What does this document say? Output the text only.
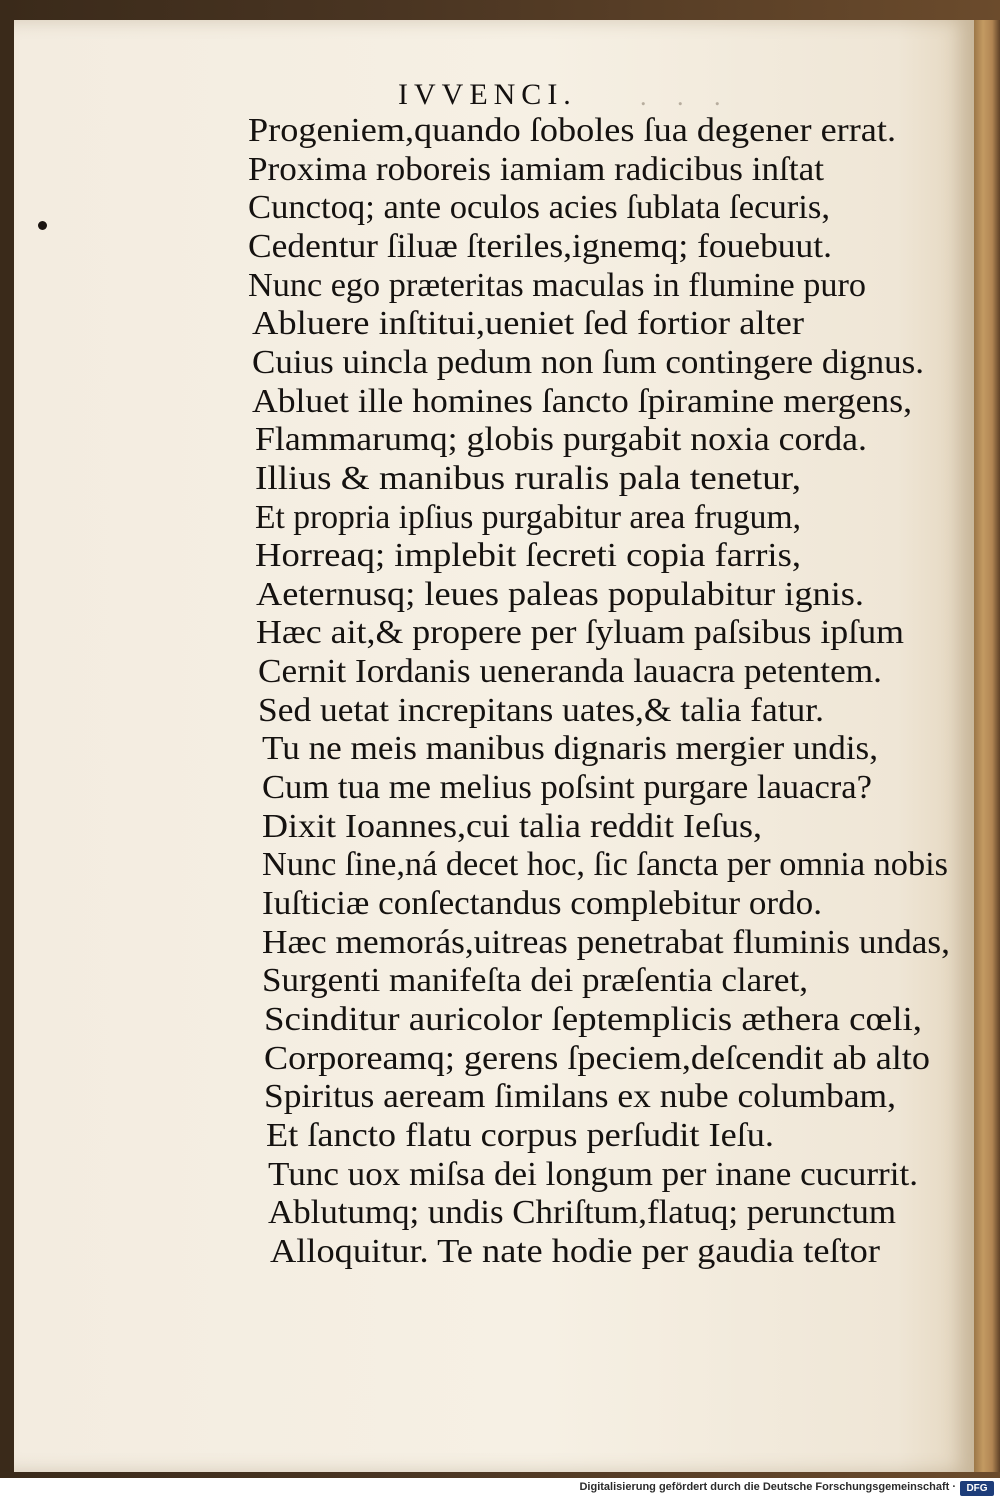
IVVENCI. . . .
Progeniem,quando ſoboles ſua degener errat.
Proxima roboreis iamiam radicibus inſtat
Cunctoq; ante oculos acies ſublata ſecuris,
Cedentur ſiluæ ſteriles,ignemq; fouebuut.
Nunc ego præteritas maculas in flumine puro
Abluere inſtitui,ueniet ſed fortior alter
Cuius uincla pedum non ſum contingere dignus.
Abluet ille homines ſancto ſpiramine mergens,
Flammarumq; globis purgabit noxia corda.
Illius & manibus ruralis pala tenetur,
Et propria ipſius purgabitur area frugum,
Horreaq; implebit ſecreti copia farris,
Aeternusq; leues paleas populabitur ignis.
Hæc ait,& propere per ſyluam paſsibus ipſum
Cernit Iordanis ueneranda lauacra petentem.
Sed uetat increpitans uates,& talia fatur.
Tu ne meis manibus dignaris mergier undis,
Cum tua me melius poſsint purgare lauacra?
Dixit Ioannes,cui talia reddit Ieſus,
Nunc ſine,ná decet hoc, ſic ſancta per omnia nobis
Iuſticiæ conſectandus complebitur ordo.
Hæc memorás,uitreas penetrabat fluminis undas,
Surgenti manifeſta dei præſentia claret,
Scinditur auricolor ſeptemplicis æthera cœli,
Corporeamq; gerens ſpeciem,deſcendit ab alto
Spiritus aeream ſimilans ex nube columbam,
Et ſancto flatu corpus perſudit Ieſu.
Tunc uox miſsa dei longum per inane cucurrit.
Ablutumq; undis Chriſtum,flatuq; perunctum
Alloquitur. Te nate hodie per gaudia teſtor
Digitalisierung gefördert durch die Deutsche Forschungsgemeinschaft ·	DFG
